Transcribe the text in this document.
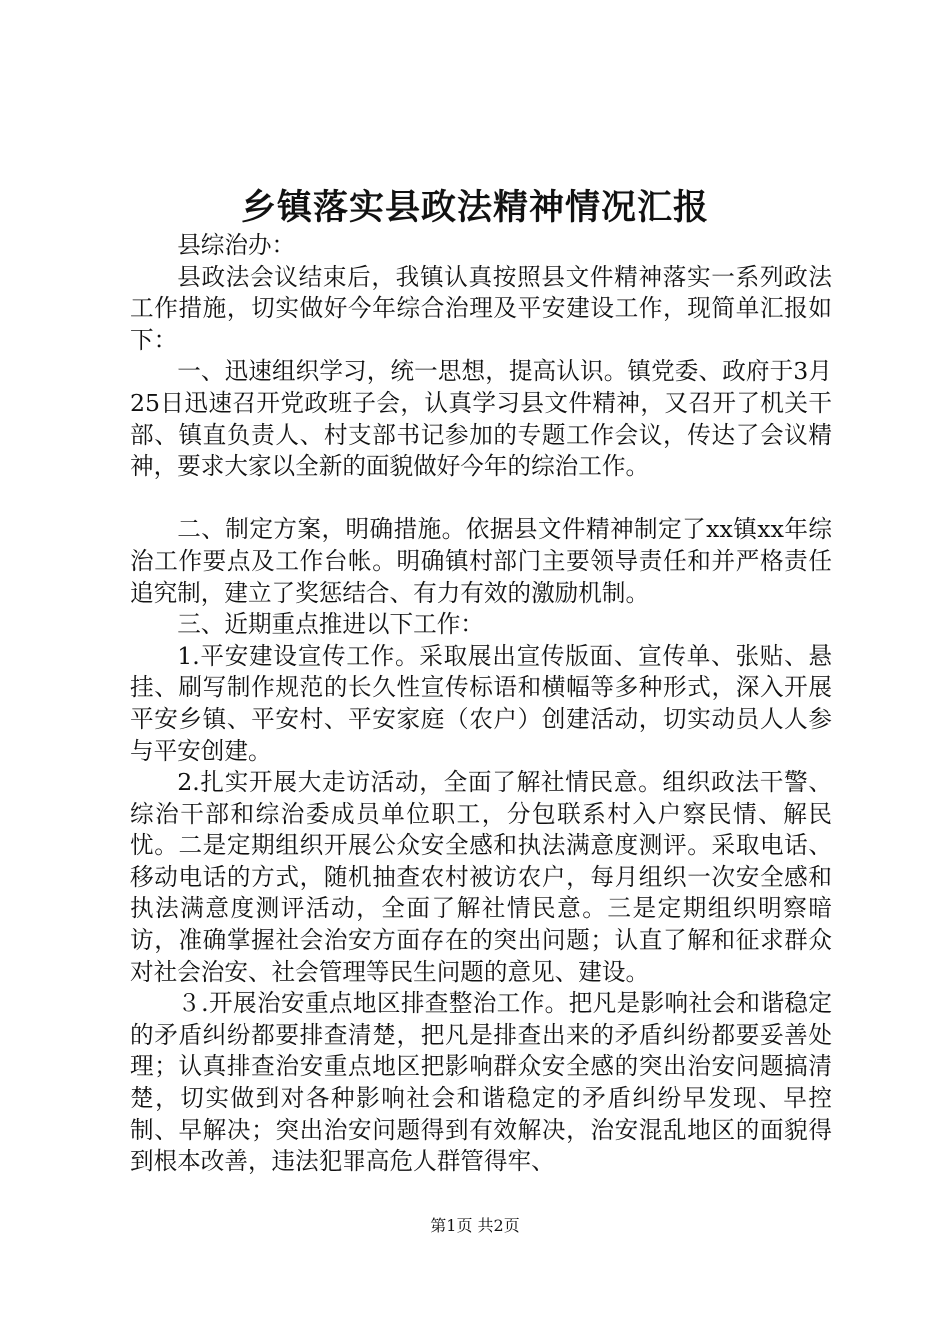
乡镇落实县政法精神情况汇报

县综治办：

县政法会议结束后，我镇认真按照县文件精神落实一系列政法工作措施，切实做好今年综合治理及平安建设工作，现简单汇报如下：

一、迅速组织学习，统一思想，提高认识。镇党委、政府于3月25日迅速召开党政班子会，认真学习县文件精神，又召开了机关干部、镇直负责人、村支部书记参加的专题工作会议，传达了会议精神，要求大家以全新的面貌做好今年的综治工作。

二、制定方案，明确措施。依据县文件精神制定了xx镇xx年综治工作要点及工作台帐。明确镇村部门主要领导责任和并严格责任追究制，建立了奖惩结合、有力有效的激励机制。

三、近期重点推进以下工作：

1.平安建设宣传工作。采取展出宣传版面、宣传单、张贴、悬挂、刷写制作规范的长久性宣传标语和横幅等多种形式，深入开展平安乡镇、平安村、平安家庭（农户）创建活动，切实动员人人参与平安创建。

2.扎实开展大走访活动，全面了解社情民意。组织政法干警、综治干部和综治委成员单位职工，分包联系村入户察民情、解民忧。二是定期组织开展公众安全感和执法满意度测评。采取电话、移动电话的方式，随机抽查农村被访农户，每月组织一次安全感和执法满意度测评活动，全面了解社情民意。三是定期组织明察暗访，准确掌握社会治安方面存在的突出问题；认直了解和征求群众对社会治安、社会管理等民生问题的意见、建设。

３.开展治安重点地区排查整治工作。把凡是影响社会和谐稳定的矛盾纠纷都要排查清楚，把凡是排查出来的矛盾纠纷都要妥善处理；认真排查治安重点地区把影响群众安全感的突出治安问题搞清楚，切实做到对各种影响社会和谐稳定的矛盾纠纷早发现、早控制、早解决；突出治安问题得到有效解决，治安混乱地区的面貌得到根本改善，违法犯罪高危人群管得牢、

第1页 共2页
